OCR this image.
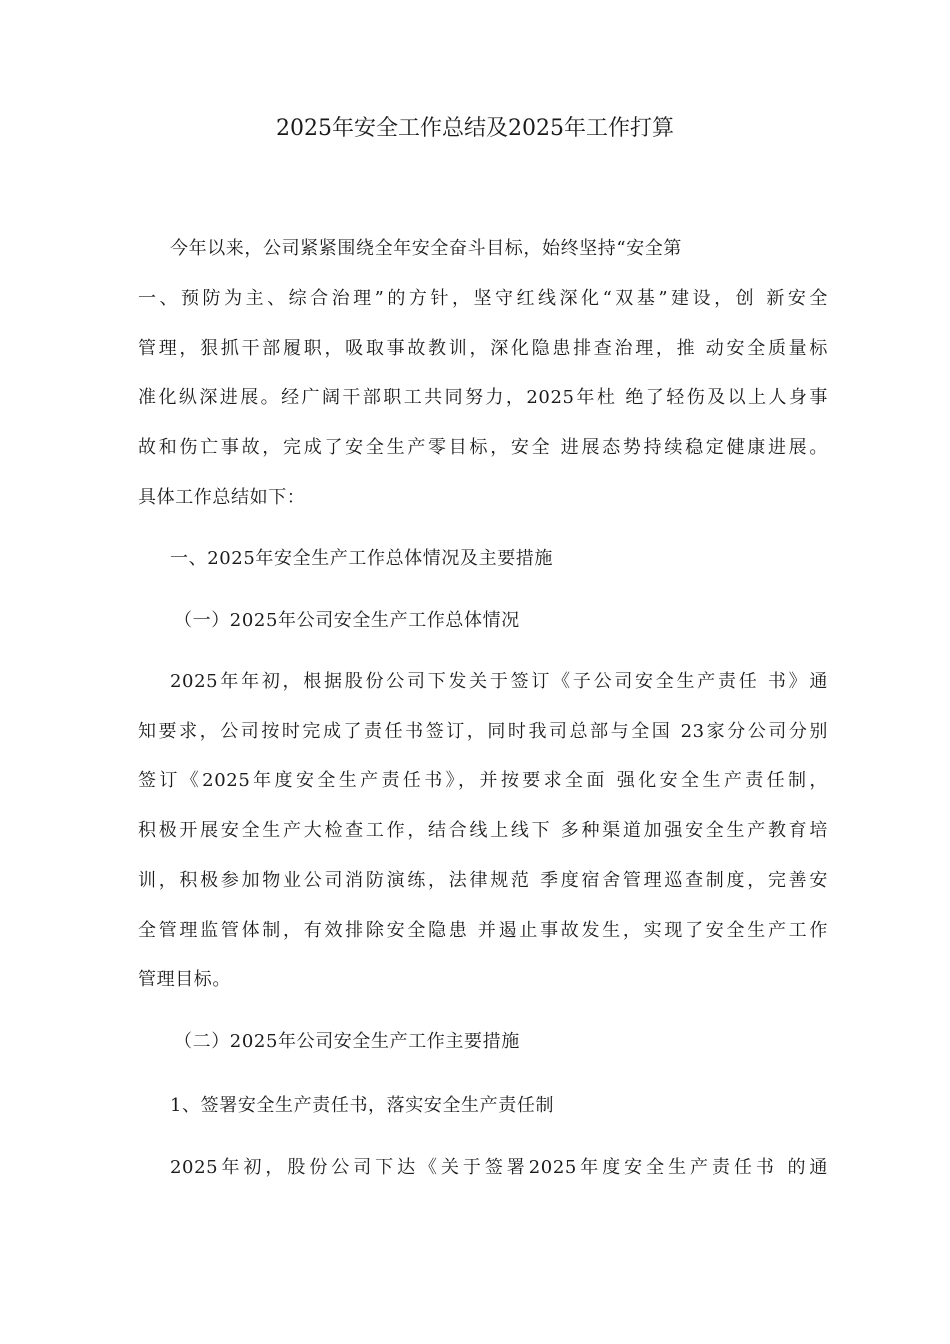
2025年安全工作总结及2025年工作打算
今年以来，公司紧紧围绕全年安全奋斗目标，始终坚持“安全第
一、预防为主、综合治理”的方针，坚守红线深化“双基”建设，创 新安全
管理，狠抓干部履职，吸取事故教训，深化隐患排查治理，推 动安全质量标
准化纵深进展。经广阔干部职工共同努力，2025年杜 绝了轻伤及以上人身事
故和伤亡事故，完成了安全生产零目标，安全 进展态势持续稳定健康进展。
具体工作总结如下：
一、2025年安全生产工作总体情况及主要措施
（一）2025年公司安全生产工作总体情况
2025年年初，根据股份公司下发关于签订《子公司安全生产责任 书》通
知要求，公司按时完成了责任书签订，同时我司总部与全国 23家分公司分别
签订《2025年度安全生产责任书》，并按要求全面 强化安全生产责任制，
积极开展安全生产大检查工作，结合线上线下 多种渠道加强安全生产教育培
训，积极参加物业公司消防演练，法律规范 季度宿舍管理巡查制度，完善安
全管理监管体制，有效排除安全隐患 并遏止事故发生，实现了安全生产工作
管理目标。
（二）2025年公司安全生产工作主要措施
1、签署安全生产责任书，落实安全生产责任制
2025年初，股份公司下达《关于签署2025年度安全生产责任书 的通
